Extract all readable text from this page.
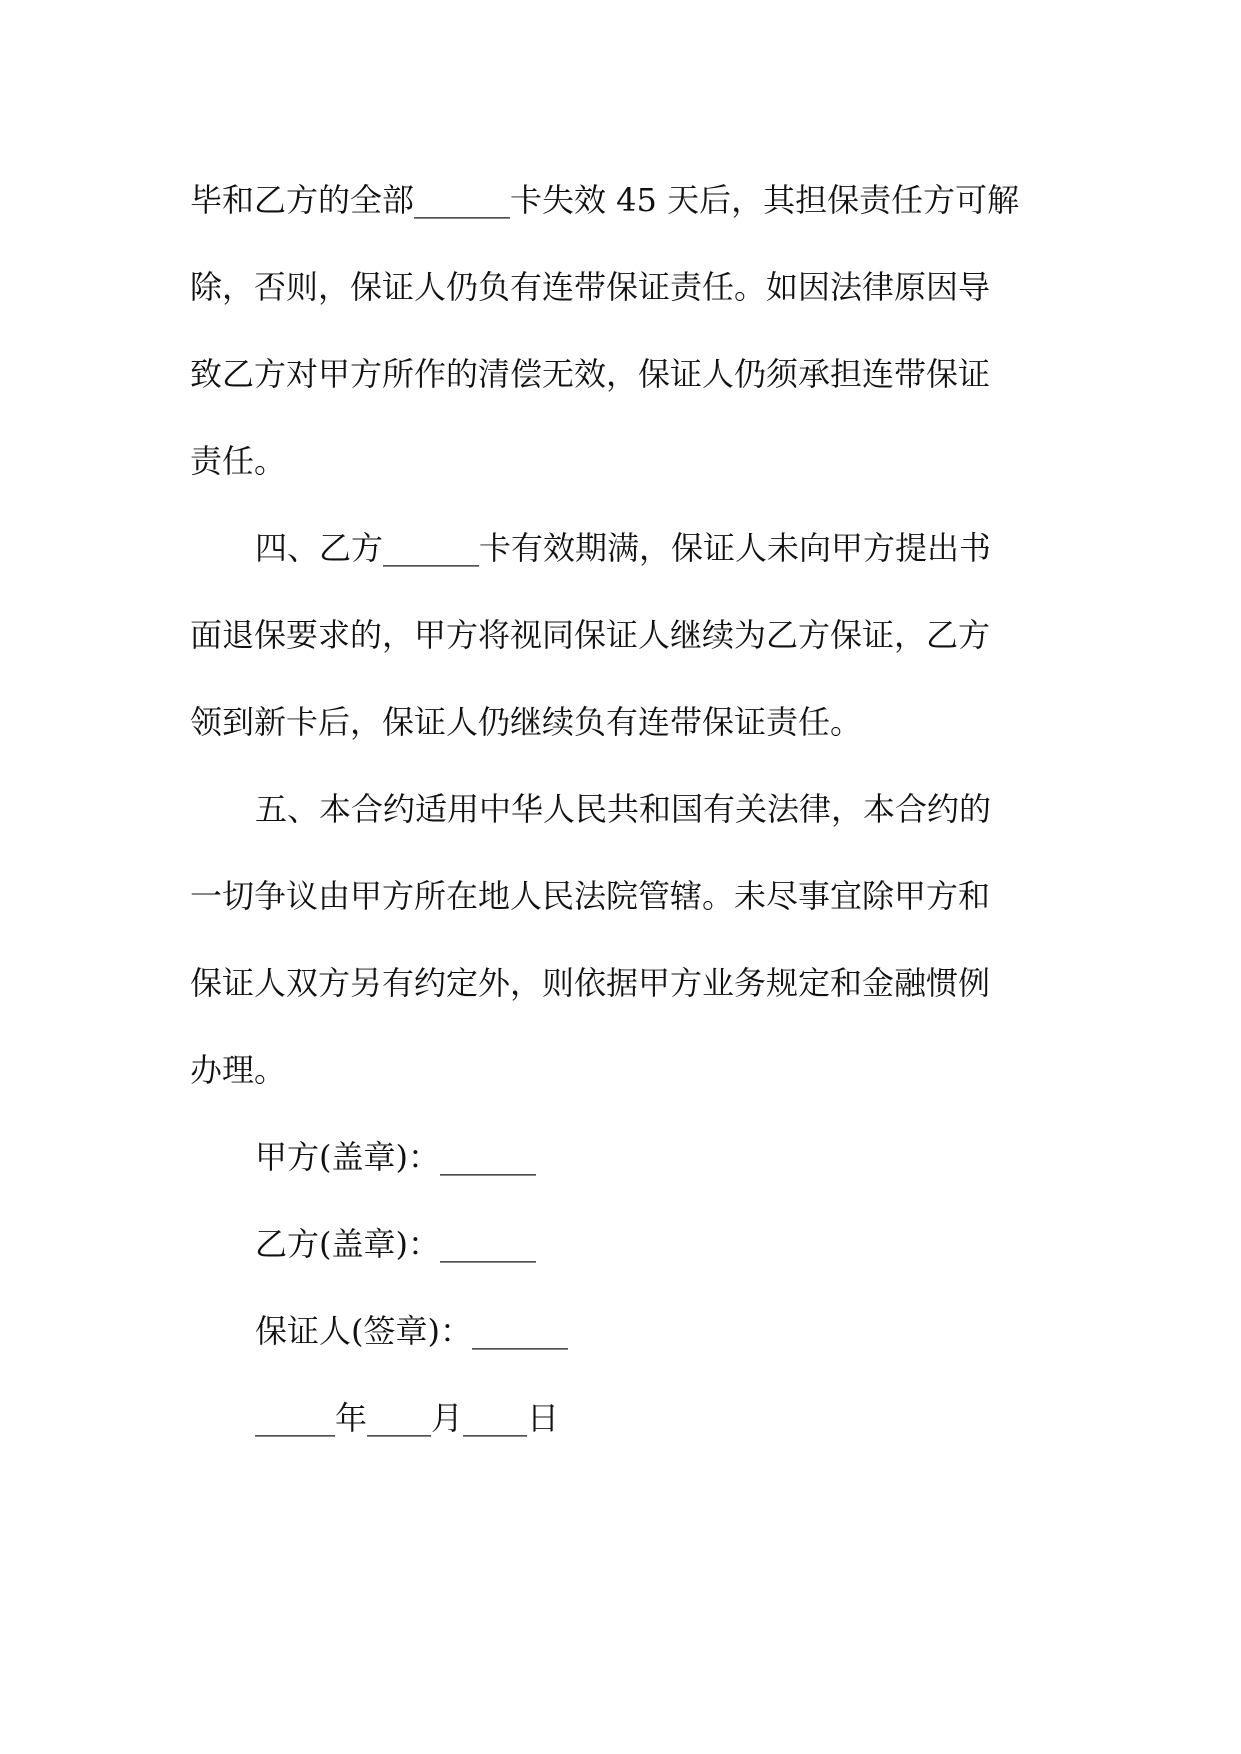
毕和乙方的全部______卡失效 45 天后，其担保责任方可解
除，否则，保证人仍负有连带保证责任。如因法律原因导
致乙方对甲方所作的清偿无效，保证人仍须承担连带保证
责任。
四、乙方______卡有效期满，保证人未向甲方提出书
面退保要求的，甲方将视同保证人继续为乙方保证，乙方
领到新卡后，保证人仍继续负有连带保证责任。
五、本合约适用中华人民共和国有关法律，本合约的
一切争议由甲方所在地人民法院管辖。未尽事宜除甲方和
保证人双方另有约定外，则依据甲方业务规定和金融惯例
办理。
甲方(盖章)：______
乙方(盖章)：______
保证人(签章)：______
_____年____月____日
